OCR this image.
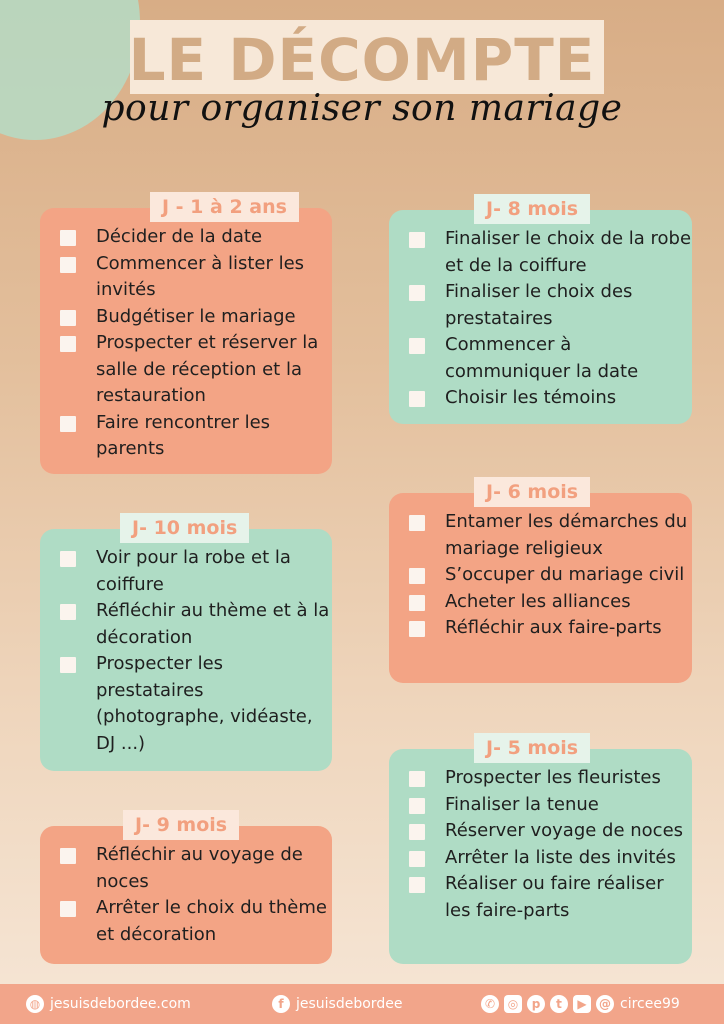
LE DÉCOMPTE
pour organiser son mariage
J - 1 à 2 ans
Décider de la date
Commencer à lister les invités
Budgétiser le mariage
Prospecter et réserver la salle de réception et la restauration
Faire rencontrer les parents
J- 10 mois
Voir pour la robe et la coiffure
Réfléchir au thème et à la décoration
Prospecter les prestataires (photographe, vidéaste, DJ ...)
J- 9 mois
Réfléchir au voyage de noces
Arrêter le choix du thème et décoration
J- 8 mois
Finaliser le choix de la robe et de la coiffure
Finaliser le choix des prestataires
Commencer à communiquer la date
Choisir les témoins
J- 6 mois
Entamer les démarches du mariage religieux
S’occuper du mariage civil
Acheter les alliances
Réfléchir aux faire-parts
J- 5 mois
Prospecter les fleuristes
Finaliser la tenue
Réserver voyage de noces
Arrêter la liste des invités
Réaliser ou faire réaliser les faire-parts
◍ jesuisdebordee.com	f jesuisdebordee	✆	◎	p	t	▶	@ circee99
